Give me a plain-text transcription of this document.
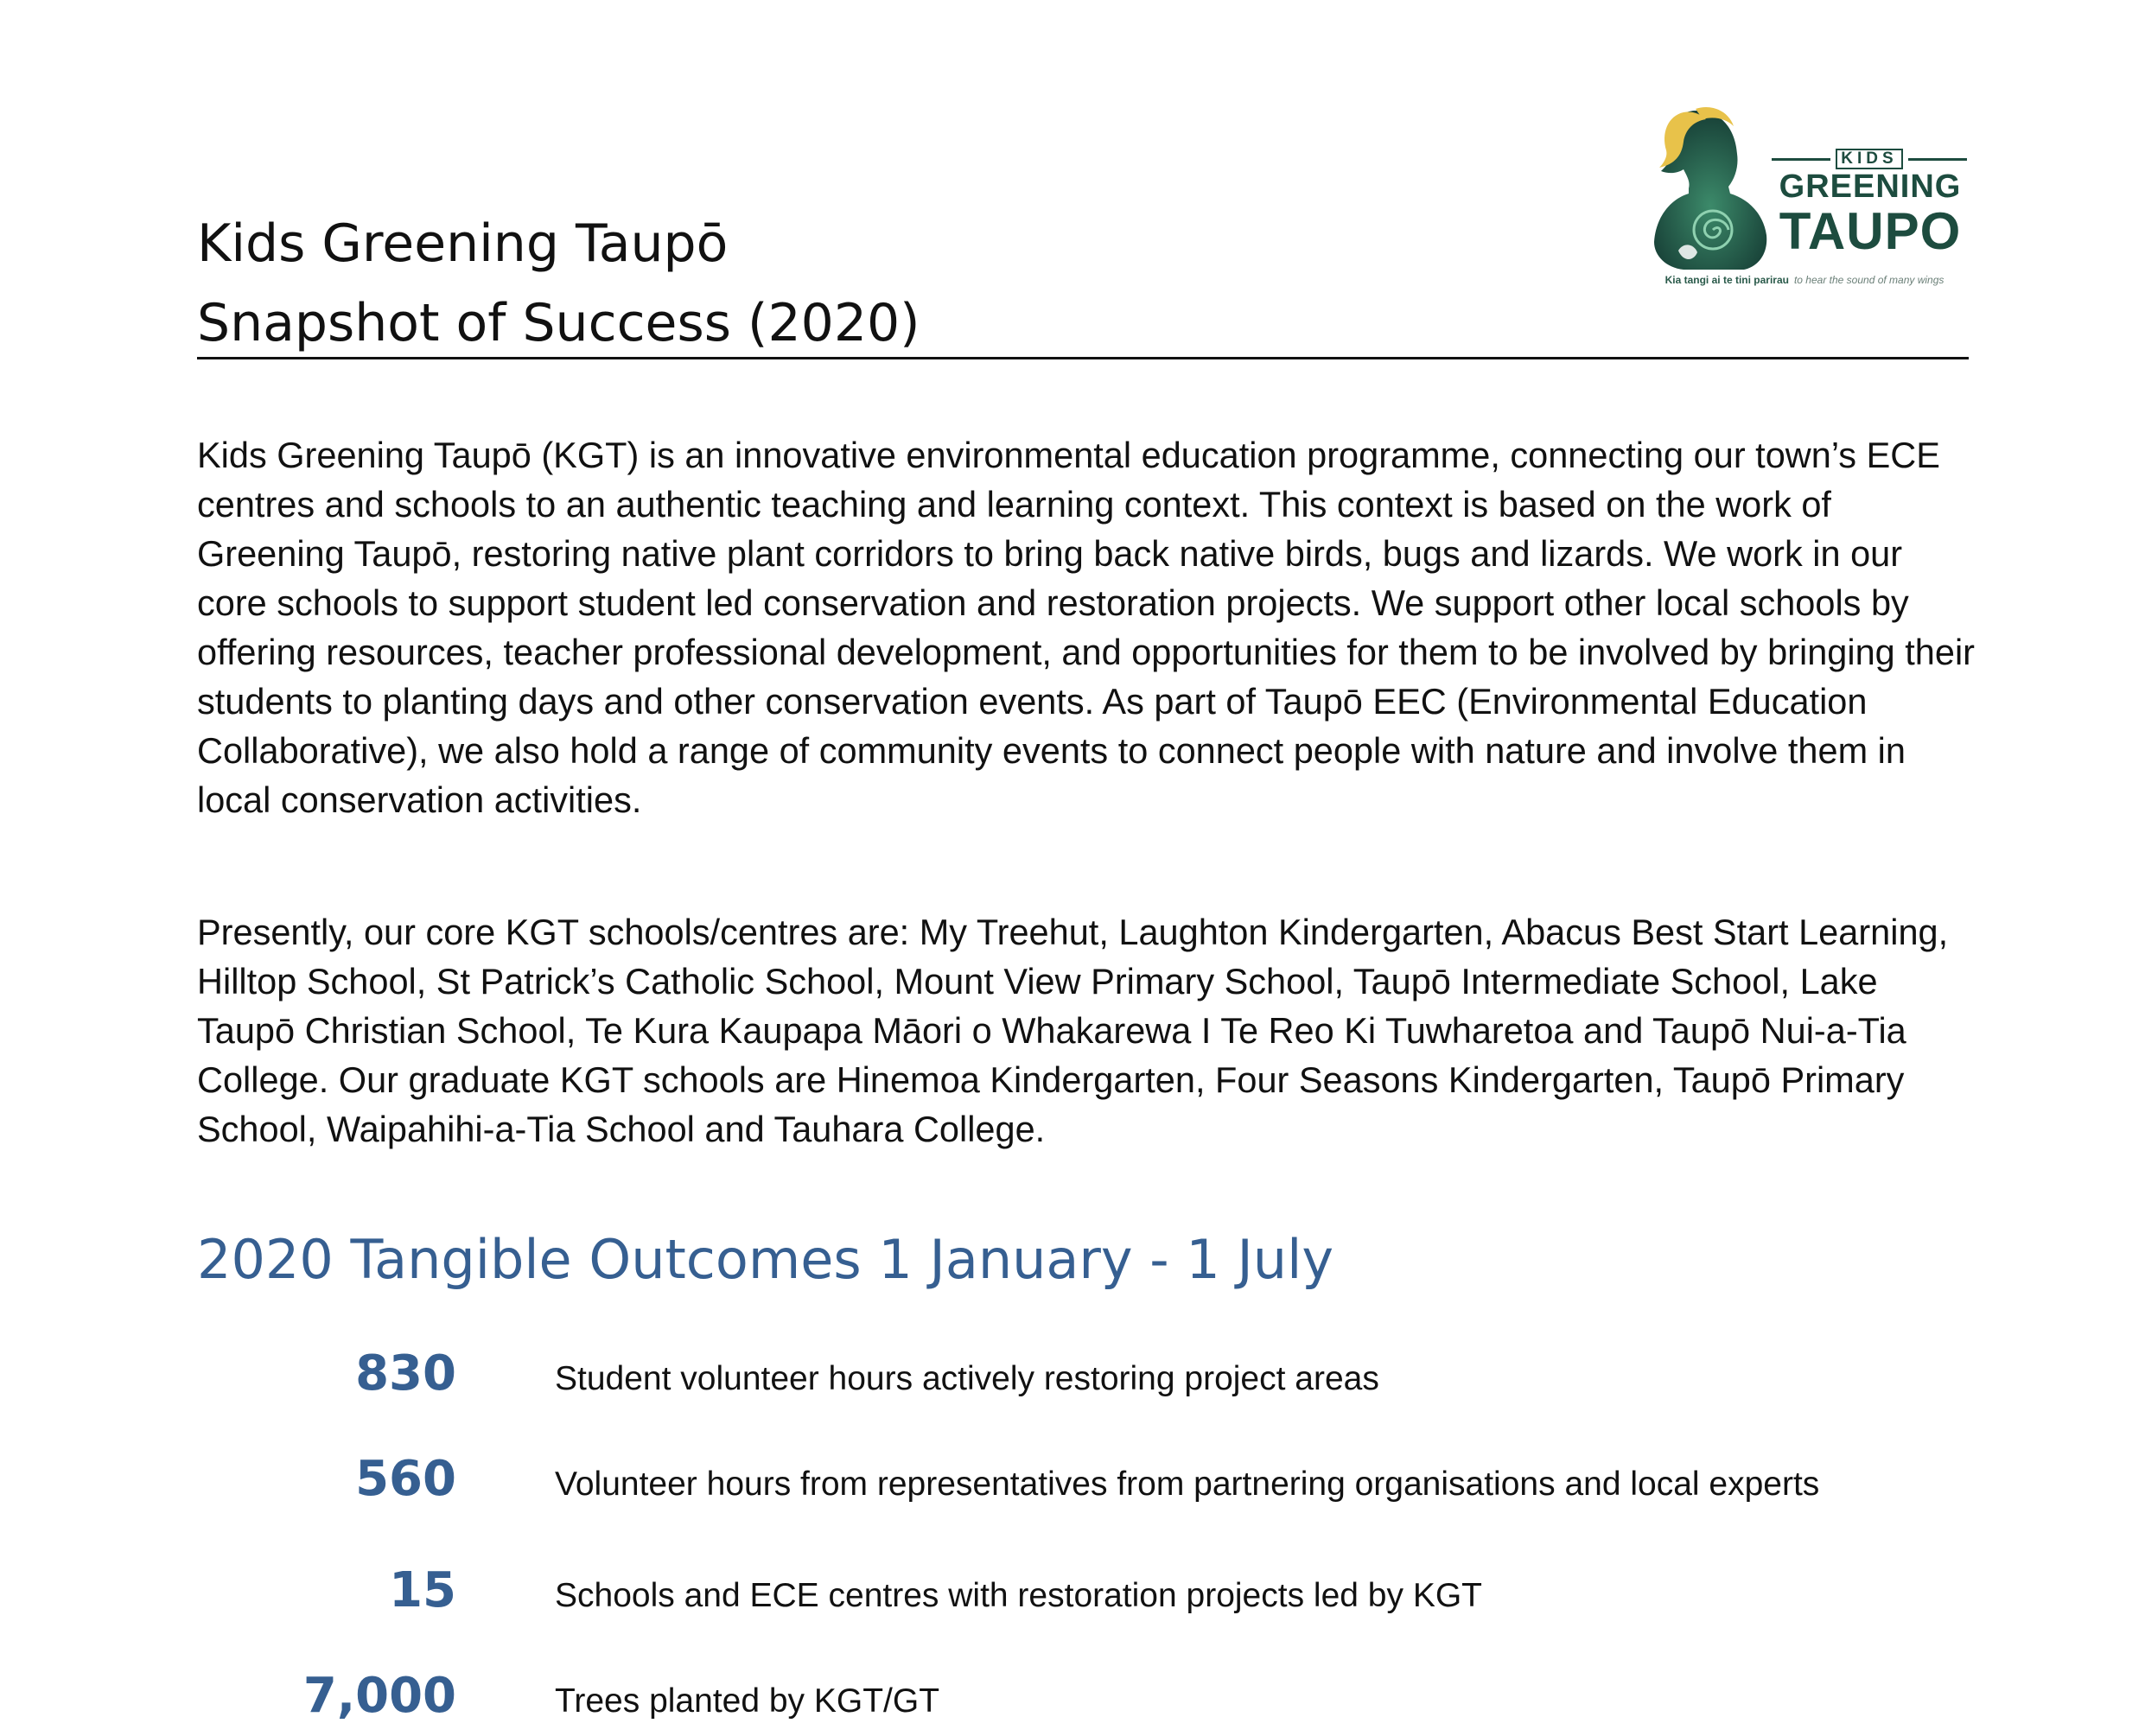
Kids Greening Taupō
Snapshot of Success (2020)
KIDS
GREENING
TAUPO
Kia tangi ai te tini parirau to hear the sound of many wings
Kids Greening Taupō (KGT) is an innovative environmental education programme, connecting our town’s ECE centres and schools to an authentic teaching and learning context. This context is based on the work of Greening Taupō, restoring native plant corridors to bring back native birds, bugs and lizards. We work in our core schools to support student led conservation and restoration projects. We support other local schools by offering resources, teacher professional development, and opportunities for them to be involved by bringing their students to planting days and other conservation events. As part of Taupō EEC (Environmental Education Collaborative), we also hold a range of community events to connect people with nature and involve them in local conservation activities.
Presently, our core KGT schools/centres are: My Treehut, Laughton Kindergarten, Abacus Best Start Learning, Hilltop School, St Patrick’s Catholic School, Mount View Primary School, Taupō Intermediate School, Lake Taupō Christian School, Te Kura Kaupapa Māori o Whakarewa I Te Reo Ki Tuwharetoa and Taupō Nui-a-Tia College. Our graduate KGT schools are Hinemoa Kindergarten, Four Seasons Kindergarten, Taupō Primary School, Waipahihi-a-Tia School and Tauhara College.
2020 Tangible Outcomes 1 January - 1 July
830	Student volunteer hours actively restoring project areas
560	Volunteer hours from representatives from partnering organisations and local experts
15	Schools and ECE centres with restoration projects led by KGT
7,000	Trees planted by KGT/GT
